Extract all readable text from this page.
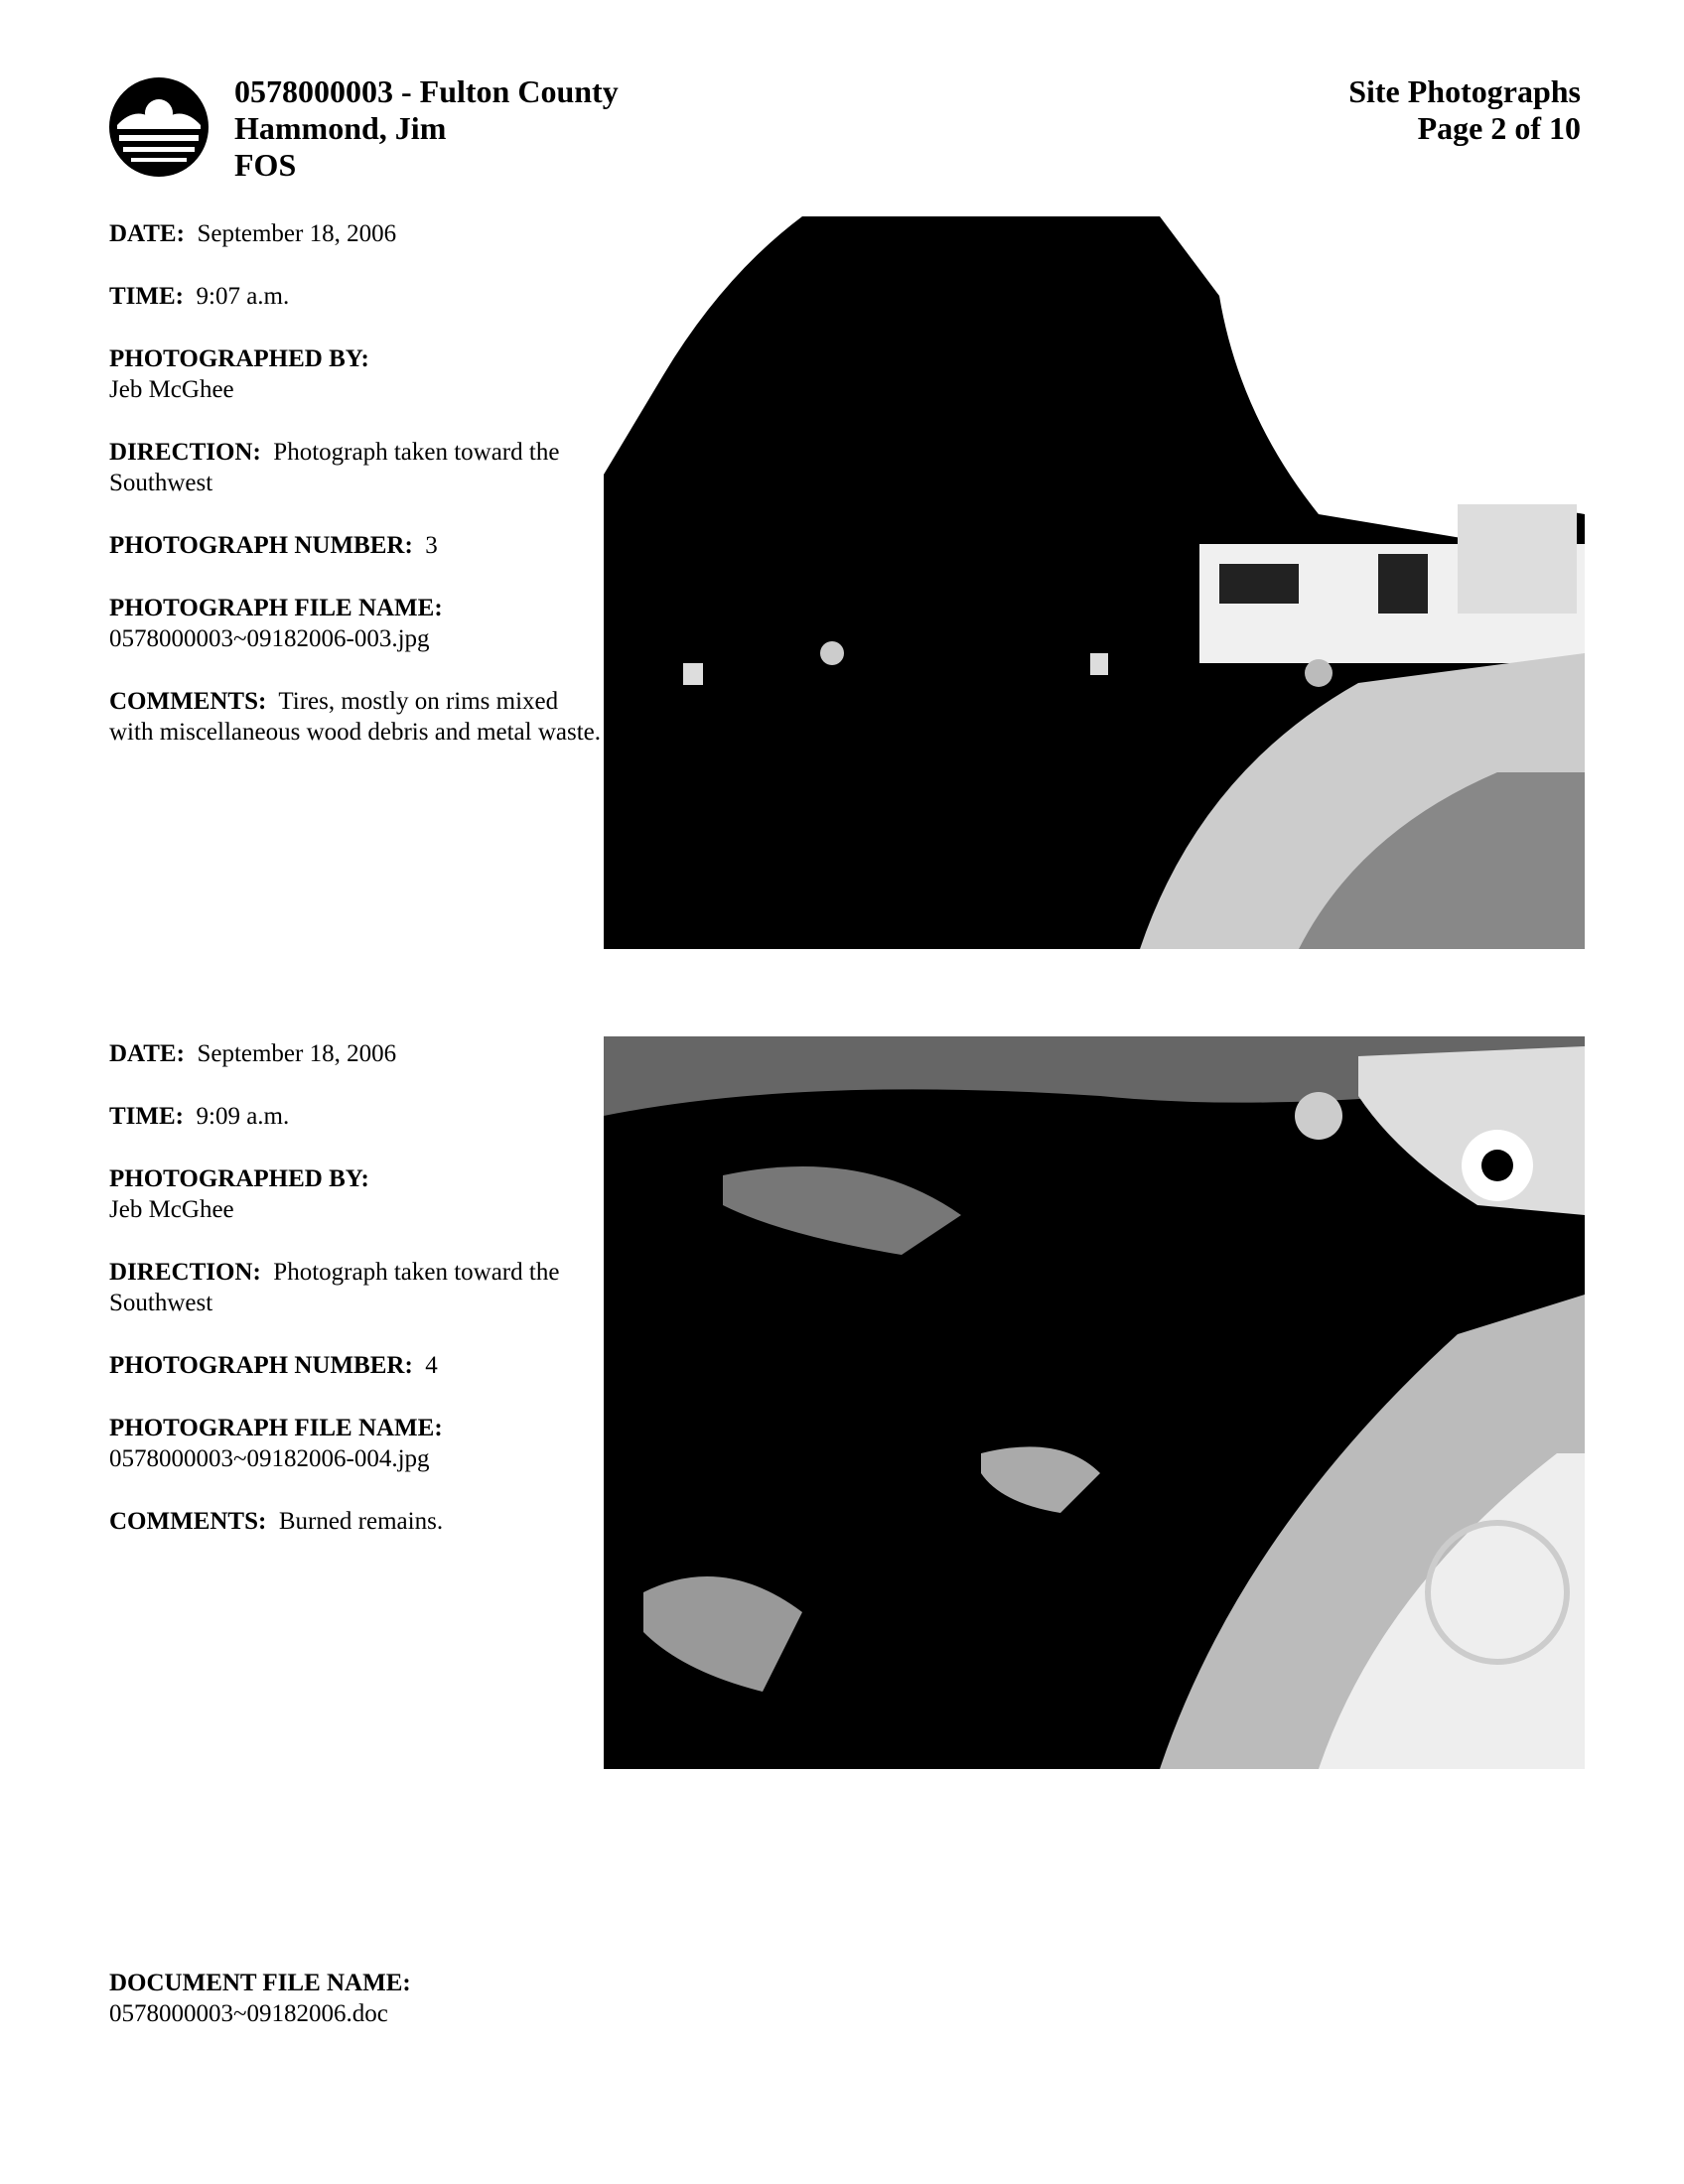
0578000003 - Fulton County
Hammond, Jim
FOS
Site Photographs
Page 2 of 10
DATE: September 18, 2006
TIME: 9:07 a.m.
PHOTOGRAPHED BY:
Jeb McGhee
DIRECTION: Photograph taken toward the Southwest
PHOTOGRAPH NUMBER: 3
PHOTOGRAPH FILE NAME:
0578000003~09182006-003.jpg
COMMENTS: Tires, mostly on rims mixed with miscellaneous wood debris and metal waste.
DATE: September 18, 2006
TIME: 9:09 a.m.
PHOTOGRAPHED BY:
Jeb McGhee
DIRECTION: Photograph taken toward the Southwest
PHOTOGRAPH NUMBER: 4
PHOTOGRAPH FILE NAME:
0578000003~09182006-004.jpg
COMMENTS: Burned remains.
DOCUMENT FILE NAME:
0578000003~09182006.doc
